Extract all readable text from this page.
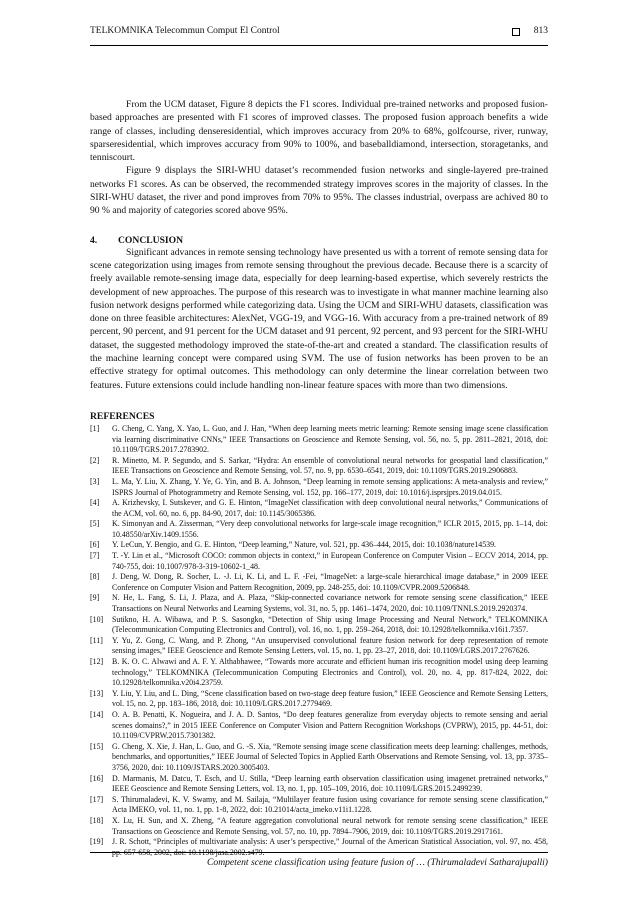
TELKOMNIKA Telecommun Comput El Control	813

From the UCM dataset, Figure 8 depicts the F1 scores. Individual pre-trained networks and proposed fusion-based approaches are presented with F1 scores of improved classes. The proposed fusion approach benefits a wide range of classes, including denseresidential, which improves accuracy from 20% to 68%, golfcourse, river, runway, sparseresidential, which improves accuracy from 90% to 100%, and baseballdiamond, intersection, storagetanks, and tenniscourt.

Figure 9 displays the SIRI-WHU dataset’s recommended fusion networks and single-layered pre-trained networks F1 scores. As can be observed, the recommended strategy improves scores in the majority of classes. In the SIRI-WHU dataset, the river and pond improves from 70% to 95%. The classes industrial, overpass are achived 80 to 90 % and majority of categories scored above 95%.

4. CONCLUSION

Significant advances in remote sensing technology have presented us with a torrent of remote sensing data for scene categorization using images from remote sensing throughout the previous decade. Because there is a scarcity of freely available remote-sensing image data, especially for deep learning-based expertise, which severely restricts the development of new approaches. The purpose of this research was to investigate in what manner machine learning also fusion network designs performed while categorizing data. Using the UCM and SIRI-WHU datasets, classification was done on three feasible architectures: AlexNet, VGG-19, and VGG-16. With accuracy from a pre-trained network of 89 percent, 90 percent, and 91 percent for the UCM dataset and 91 percent, 92 percent, and 93 percent for the SIRI-WHU dataset, the suggested methodology improved the state-of-the-art and created a standard. The classification results of the machine learning concept were compared using SVM. The use of fusion networks has been proven to be an effective strategy for optimal outcomes. This methodology can only determine the linear correlation between two features. Future extensions could include handling non-linear feature spaces with more than two dimensions.

REFERENCES
[1]	G. Cheng, C. Yang, X. Yao, L. Guo, and J. Han, “When deep learning meets metric learning: Remote sensing image scene classification via learning discriminative CNNs,” IEEE Transactions on Geoscience and Remote Sensing, vol. 56, no. 5, pp. 2811–2821, 2018, doi: 10.1109/TGRS.2017.2783902.
[2]	R. Minetto, M. P. Segundo, and S. Sarkar, “Hydra: An ensemble of convolutional neural networks for geospatial land classification,” IEEE Transactions on Geoscience and Remote Sensing, vol. 57, no. 9, pp. 6530–6541, 2019, doi: 10.1109/TGRS.2019.2906883.
[3]	L. Ma, Y. Liu, X. Zhang, Y. Ye, G. Yin, and B. A. Johnson, “Deep learning in remote sensing applications: A meta-analysis and review,” ISPRS Journal of Photogrammetry and Remote Sensing, vol. 152, pp. 166–177, 2019, doi: 10.1016/j.isprsjprs.2019.04.015.
[4]	A. Krizhevsky, I. Sutskever, and G. E. Hinton, “ImageNet classification with deep convolutional neural networks,” Communications of the ACM, vol. 60, no. 6, pp. 84-90, 2017, doi: 10.1145/3065386.
[5]	K. Simonyan and A. Zisserman, “Very deep convolutional networks for large-scale image recognition,” ICLR 2015, 2015, pp. 1–14, doi: 10.48550/arXiv.1409.1556.
[6]	Y. LeCun, Y. Bengio, and G. E. Hinton, “Deep learning,” Nature, vol. 521, pp. 436–444, 2015, doi: 10.1038/nature14539.
[7]	T. -Y. Lin et al., “Microsoft COCO: common objects in context,” in European Conference on Computer Vision – ECCV 2014, 2014, pp. 740-755, doi: 10.1007/978-3-319-10602-1_48.
[8]	J. Deng, W. Dong, R. Socher, L. -J. Li, K. Li, and L. F. -Fei, “ImageNet: a large-scale hierarchical image database,” in 2009 IEEE Conference on Computer Vision and Pattern Recognition, 2009, pp. 248-255, doi: 10.1109/CVPR.2009.5206848.
[9]	N. He, L. Fang, S. Li, J. Plaza, and A. Plaza, “Skip-connected covariance network for remote sensing scene classification,” IEEE Transactions on Neural Networks and Learning Systems, vol. 31, no. 5, pp. 1461–1474, 2020, doi: 10.1109/TNNLS.2019.2920374.
[10]	Sutikno, H. A. Wibawa, and P. S. Sasongko, “Detection of Ship using Image Processing and Neural Network,” TELKOMNIKA (Telecommunication Computing Electronics and Control), vol. 16, no. 1, pp. 259–264, 2018, doi: 10.12928/telkomnika.v16i1.7357.
[11]	Y. Yu, Z. Gong, C. Wang, and P. Zhong, “An unsupervised convolutional feature fusion network for deep representation of remote sensing images,” IEEE Geoscience and Remote Sensing Letters, vol. 15, no. 1, pp. 23–27, 2018, doi: 10.1109/LGRS.2017.2767626.
[12]	B. K. O. C. Alwawi and A. F. Y. Althabhawee, “Towards more accurate and efficient human iris recognition model using deep learning technology,” TELKOMNIKA (Telecommunication Computing Electronics and Control), vol. 20, no. 4, pp. 817-824, 2022, doi: 10.12928/telkomnika.v20i4.23759.
[13]	Y. Liu, Y. Liu, and L. Ding, “Scene classification based on two-stage deep feature fusion,” IEEE Geoscience and Remote Sensing Letters, vol. 15, no. 2, pp. 183–186, 2018, doi: 10.1109/LGRS.2017.2779469.
[14]	O. A. B. Penatti, K. Nogueira, and J. A. D. Santos, “Do deep features generalize from everyday objects to remote sensing and aerial scenes domains?,” in 2015 IEEE Conference on Computer Vision and Pattern Recognition Workshops (CVPRW), 2015, pp. 44-51, doi: 10.1109/CVPRW.2015.7301382.
[15]	G. Cheng, X. Xie, J. Han, L. Guo, and G. -S. Xia, “Remote sensing image scene classification meets deep learning: challenges, methods, benchmarks, and opportunities,” IEEE Journal of Selected Topics in Applied Earth Observations and Remote Sensing, vol. 13, pp. 3735–3756, 2020, doi: 10.1109/JSTARS.2020.3005403.
[16]	D. Marmanis, M. Datcu, T. Esch, and U. Stilla, “Deep learning earth observation classification using imagenet pretrained networks,” IEEE Geoscience and Remote Sensing Letters, vol. 13, no. 1, pp. 105–109, 2016, doi: 10.1109/LGRS.2015.2499239.
[17]	S. Thirumaladevi, K. V. Swamy, and M. Sailaja, “Multilayer feature fusion using covariance for remote sensing scene classification,” Acta IMEKO, vol. 11, no. 1, pp. 1-8, 2022, doi: 10.21014/acta_imeko.v11i1.1228.
[18]	X. Lu, H. Sun, and X. Zheng, “A feature aggregation convolutional neural network for remote sensing scene classification,” IEEE Transactions on Geoscience and Remote Sensing, vol. 57, no. 10, pp. 7894–7906, 2019, doi: 10.1109/TGRS.2019.2917161.
[19]	J. R. Schott, “Principles of multivariate analysis: A user’s perspective,” Journal of the American Statistical Association, vol. 97, no. 458, pp. 657-658, 2002, doi: 10.1198/jasa.2002.s479.
Competent scene classification using feature fusion of … (Thirumaladevi Satharajupalli)
